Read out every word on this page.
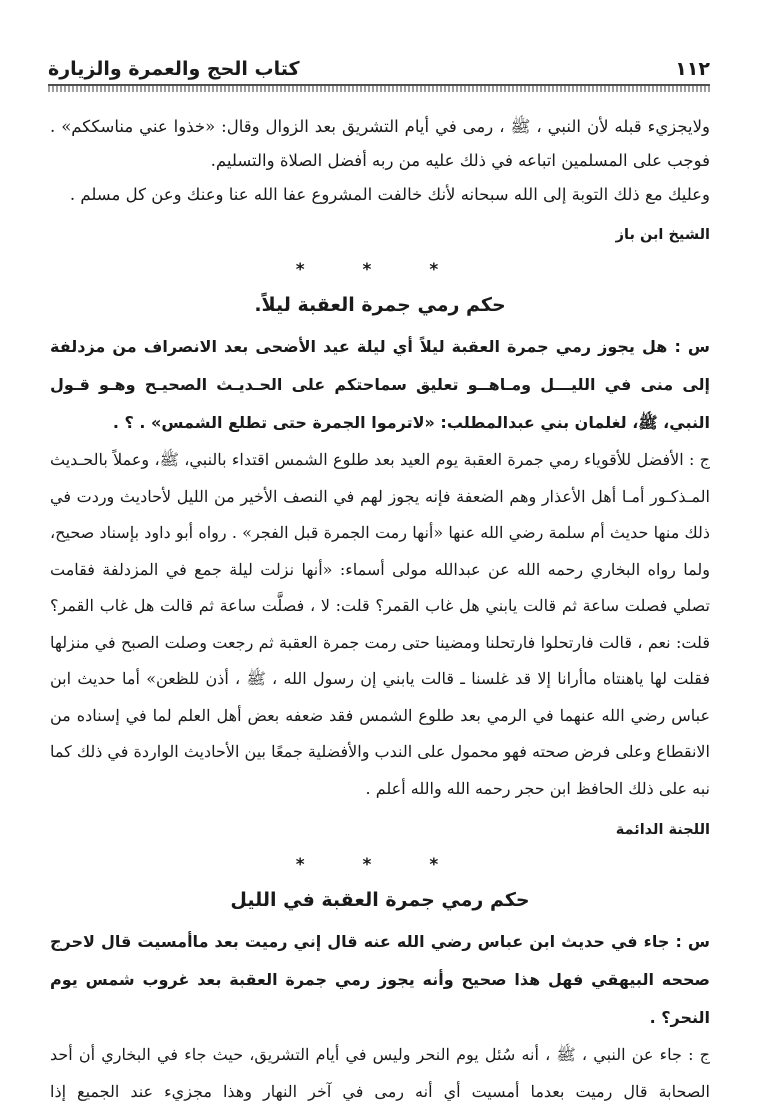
١١٢
كتاب الحج والعمرة والزيارة

ولايجزيء قبله لأن النبي ، ﷺ ، رمى في أيام التشريق بعد الزوال وقال: «خذوا عني مناسككم» . فوجب على المسلمين اتباعه في ذلك عليه من ربه أفضل الصلاة والتسليم.

وعليك مع ذلك التوبة إلى الله سبحانه لأنك خالفت المشروع عفا الله عنا وعنك وعن كل مسلم .

الشيخ ابن باز
* * *
حكم رمي جمرة العقبة ليلاً.

س : هل يجوز رمي جمرة العقبة ليلاً أي ليلة عيد الأضحى بعد الانصراف من مزدلفة إلى منى في الليـــل ومـاهــو تعليق سماحتكم على الحـديـث الصحيـح وهـو قـول النبي، ﷺ، لغلمان بني عبدالمطلب: «لاترموا الجمرة حتى تطلع الشمس» . ؟ .

ج : الأفضل للأقوياء رمي جمرة العقبة يوم العيد بعد طلوع الشمس اقتداء بالنبي، ﷺ، وعملاً بالحـديث المـذكـور أمـا أهل الأعذار وهم الضعفة فإنه يجوز لهم في النصف الأخير من الليل لأحاديث وردت في ذلك منها حديث أم سلمة رضي الله عنها «أنها رمت الجمرة قبل الفجر» . رواه أبو داود بإسناد صحيح، ولما رواه البخاري رحمه الله عن عبدالله مولى أسماء: «أنها نزلت ليلة جمع في المزدلفة فقامت تصلي فصلت ساعة ثم قالت يابني هل غاب القمر؟ قلت: لا ، فصلَّت ساعة ثم قالت هل غاب القمر؟ قلت: نعم ، قالت فارتحلوا فارتحلنا ومضينا حتى رمت جمرة العقبة ثم رجعت وصلت الصبح في منزلها فقلت لها ياهنتاه ماأرانا إلا قد غلسنا ـ قالت يابني إن رسول الله ، ﷺ ، أذن للظعن» أما حديث ابن عباس رضي الله عنهما في الرمي بعد طلوع الشمس فقد ضعفه بعض أهل العلم لما في إسناده من الانقطاع وعلى فرض صحته فهو محمول على الندب والأفضلية جمعًا بين الأحاديث الواردة في ذلك كما نبه على ذلك الحافظ ابن حجر رحمه الله والله أعلم .

اللجنة الدائمة
* * *
حكم رمي جمرة العقبة في الليل

س : جاء في حديث ابن عباس رضي الله عنه قال إني رميت بعد ماأمسيت قال لاحرج صححه البيهقي فهل هذا صحيح وأنه يجوز رمي جمرة العقبة بعد غروب شمس يوم النحر؟ .

ج : جاء عن النبي ، ﷺ ، أنه سُئل يوم النحر وليس في أيام التشريق، حيث جاء في البخاري أن أحد الصحابة قال رميت بعدما أمسيت أي أنه رمى في آخر النهار وهذا مجزيء عند الجميع إذا
